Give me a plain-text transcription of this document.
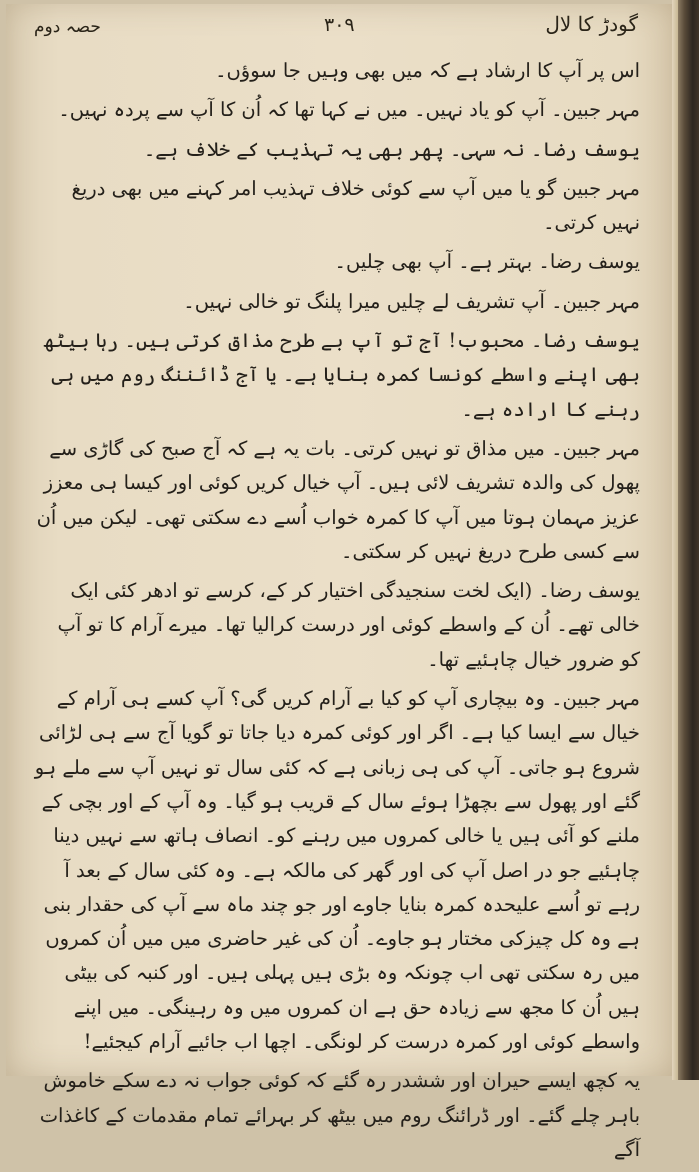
حصہ دوم	۳۰۹	گودڑ کا لال

اس پر آپ کا ارشاد ہے کہ میں بھی وہیں جا سوؤں۔

مہر جبین۔ آپ کو یاد نہیں۔ میں نے کہا تھا کہ اُن کا آپ سے پردہ نہیں۔

یوسف رضا۔ نہ سہی۔ پھر بھی یہ تہذیب کے خلاف ہے۔

مہر جبین گو یا میں آپ سے کوئی خلاف تہذیب امر کہنے میں بھی دریغ نہیں کرتی۔

یوسف رضا۔ بہتر ہے۔ آپ بھی چلیں۔

مہر جبین۔ آپ تشریف لے چلیں میرا پلنگ تو خالی نہیں۔

یوسف رضا۔ محبوب! آج تو آپ بے طرح مذاق کرتی ہیں۔ رہا بیٹھ بھی اپنے واسطے کونسا کمرہ بنایا ہے۔ یا آج ڈائننگ روم میں ہی رہنے کا ارادہ ہے۔

مہر جبین۔ میں مذاق تو نہیں کرتی۔ بات یہ ہے کہ آج صبح کی گاڑی سے پھول کی والدہ تشریف لائی ہیں۔ آپ خیال کریں کوئی اور کیسا ہی معزز عزیز مہمان ہوتا میں آپ کا کمرہ خواب اُسے دے سکتی تھی۔ لیکن میں اُن سے کسی طرح دریغ نہیں کر سکتی۔

یوسف رضا۔ (ایک لخت سنجیدگی اختیار کر کے، کرسے تو ادھر کئی ایک خالی تھے۔ اُن کے واسطے کوئی اور درست کرالیا تھا۔ میرے آرام کا تو آپ کو ضرور خیال چاہئیے تھا۔

مہر جبین۔ وہ بیچاری آپ کو کیا بے آرام کریں گی؟ آپ کسے ہی آرام کے خیال سے ایسا کیا ہے۔ اگر اور کوئی کمرہ دیا جاتا تو گویا آج سے ہی لڑائی شروع ہو جاتی۔ آپ کی ہی زبانی ہے کہ کئی سال تو نہیں آپ سے ملے ہو گئے اور پھول سے بچھڑا ہوئے سال کے قریب ہو گیا۔ وہ آپ کے اور بچی کے ملنے کو آئی ہیں یا خالی کمروں میں رہنے کو۔ انصاف ہاتھ سے نہیں دینا چاہئیے جو در اصل آپ کی اور گھر کی مالکہ ہے۔ وہ کئی سال کے بعد آ رہے تو اُسے علیحدہ کمرہ بنایا جاوے اور جو چند ماہ سے آپ کی حقدار بنی ہے وہ کل چیزکی مختار ہو جاوے۔ اُن کی غیر حاضری میں میں اُن کمروں میں رہ سکتی تھی اب چونکہ وہ بڑی ہیں پہلی ہیں۔ اور کنبہ کی بیٹی ہیں اُن کا مجھ سے زیادہ حق ہے ان کمروں میں وہ رہینگی۔ میں اپنے واسطے کوئی اور کمرہ درست کر لونگی۔ اچھا اب جائیے آرام کیجئیے!

یہ کچھ ایسے حیران اور ششدر رہ گئے کہ کوئی جواب نہ دے سکے خاموش باہر چلے گئے۔ اور ڈرائنگ روم میں بیٹھ کر بہرائے تمام مقدمات کے کاغذات آگے
